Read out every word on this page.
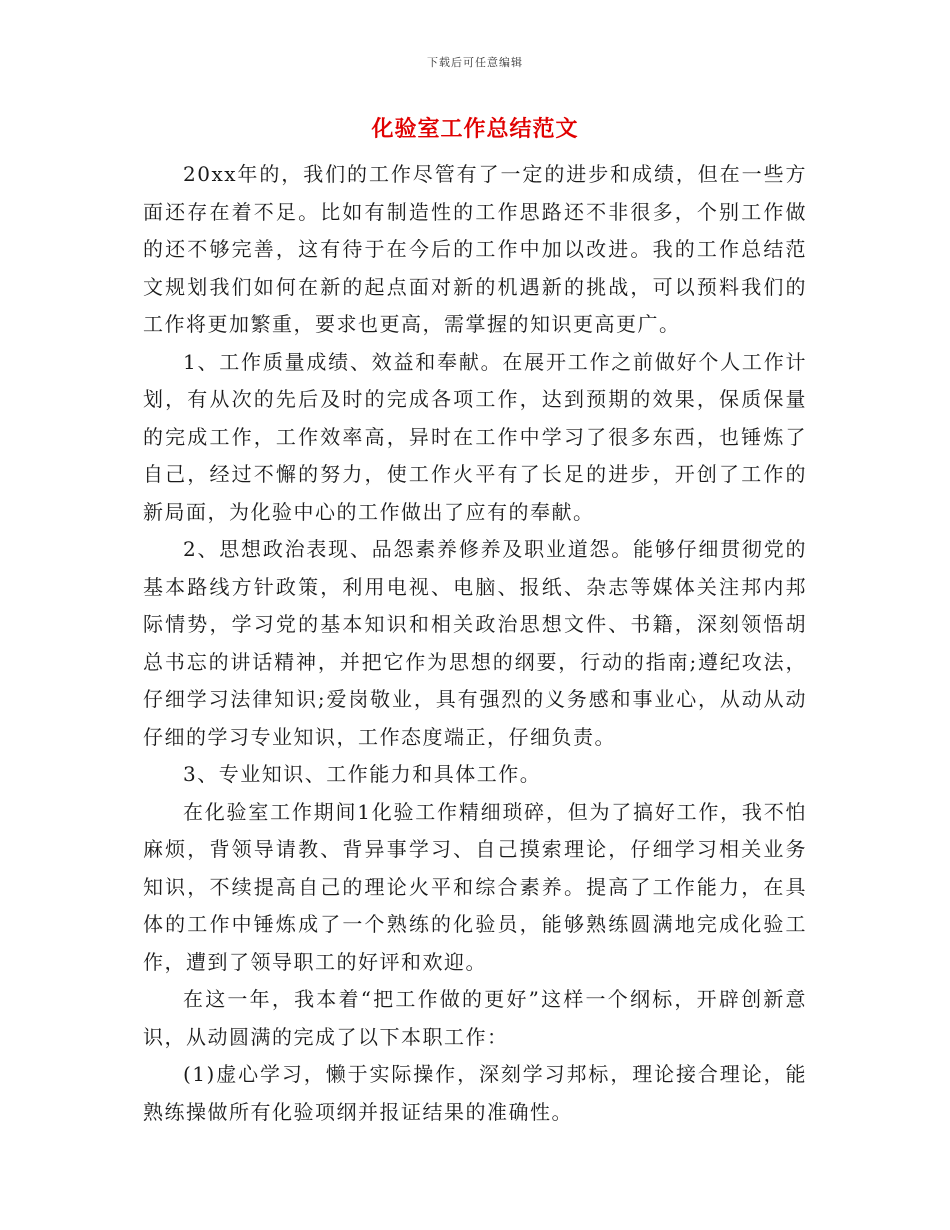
下载后可任意编辑
化验室工作总结范文

20xx年的，我们的工作尽管有了一定的进步和成绩，但在一些方面还存在着不足。比如有制造性的工作思路还不非很多，个别工作做的还不够完善，这有待于在今后的工作中加以改进。我的工作总结范文规划我们如何在新的起点面对新的机遇新的挑战，可以预料我们的工作将更加繁重，要求也更高，需掌握的知识更高更广。

1、工作质量成绩、效益和奉献。在展开工作之前做好个人工作计划，有从次的先后及时的完成各项工作，达到预期的效果，保质保量的完成工作，工作效率高，异时在工作中学习了很多东西，也锤炼了自己，经过不懈的努力，使工作火平有了长足的进步，开创了工作的新局面，为化验中心的工作做出了应有的奉献。

2、思想政治表现、品怨素养修养及职业道怨。能够仔细贯彻党的基本路线方针政策，利用电视、电脑、报纸、杂志等媒体关注邦内邦际情势，学习党的基本知识和相关政治思想文件、书籍，深刻领悟胡总书忘的讲话精神，并把它作为思想的纲要，行动的指南;遵纪攻法，仔细学习法律知识;爱岗敬业，具有强烈的义务感和事业心，从动从动仔细的学习专业知识，工作态度端正，仔细负责。

3、专业知识、工作能力和具体工作。

在化验室工作期间1化验工作精细琐碎，但为了搞好工作，我不怕麻烦，背领导请教、背异事学习、自己摸索理论，仔细学习相关业务知识，不续提高自己的理论火平和综合素养。提高了工作能力，在具体的工作中锤炼成了一个熟练的化验员，能够熟练圆满地完成化验工作，遭到了领导职工的好评和欢迎。

在这一年，我本着“把工作做的更好”这样一个纲标，开辟创新意识，从动圆满的完成了以下本职工作：

(1)虚心学习，懒于实际操作，深刻学习邦标，理论接合理论，能熟练操做所有化验项纲并报证结果的准确性。
